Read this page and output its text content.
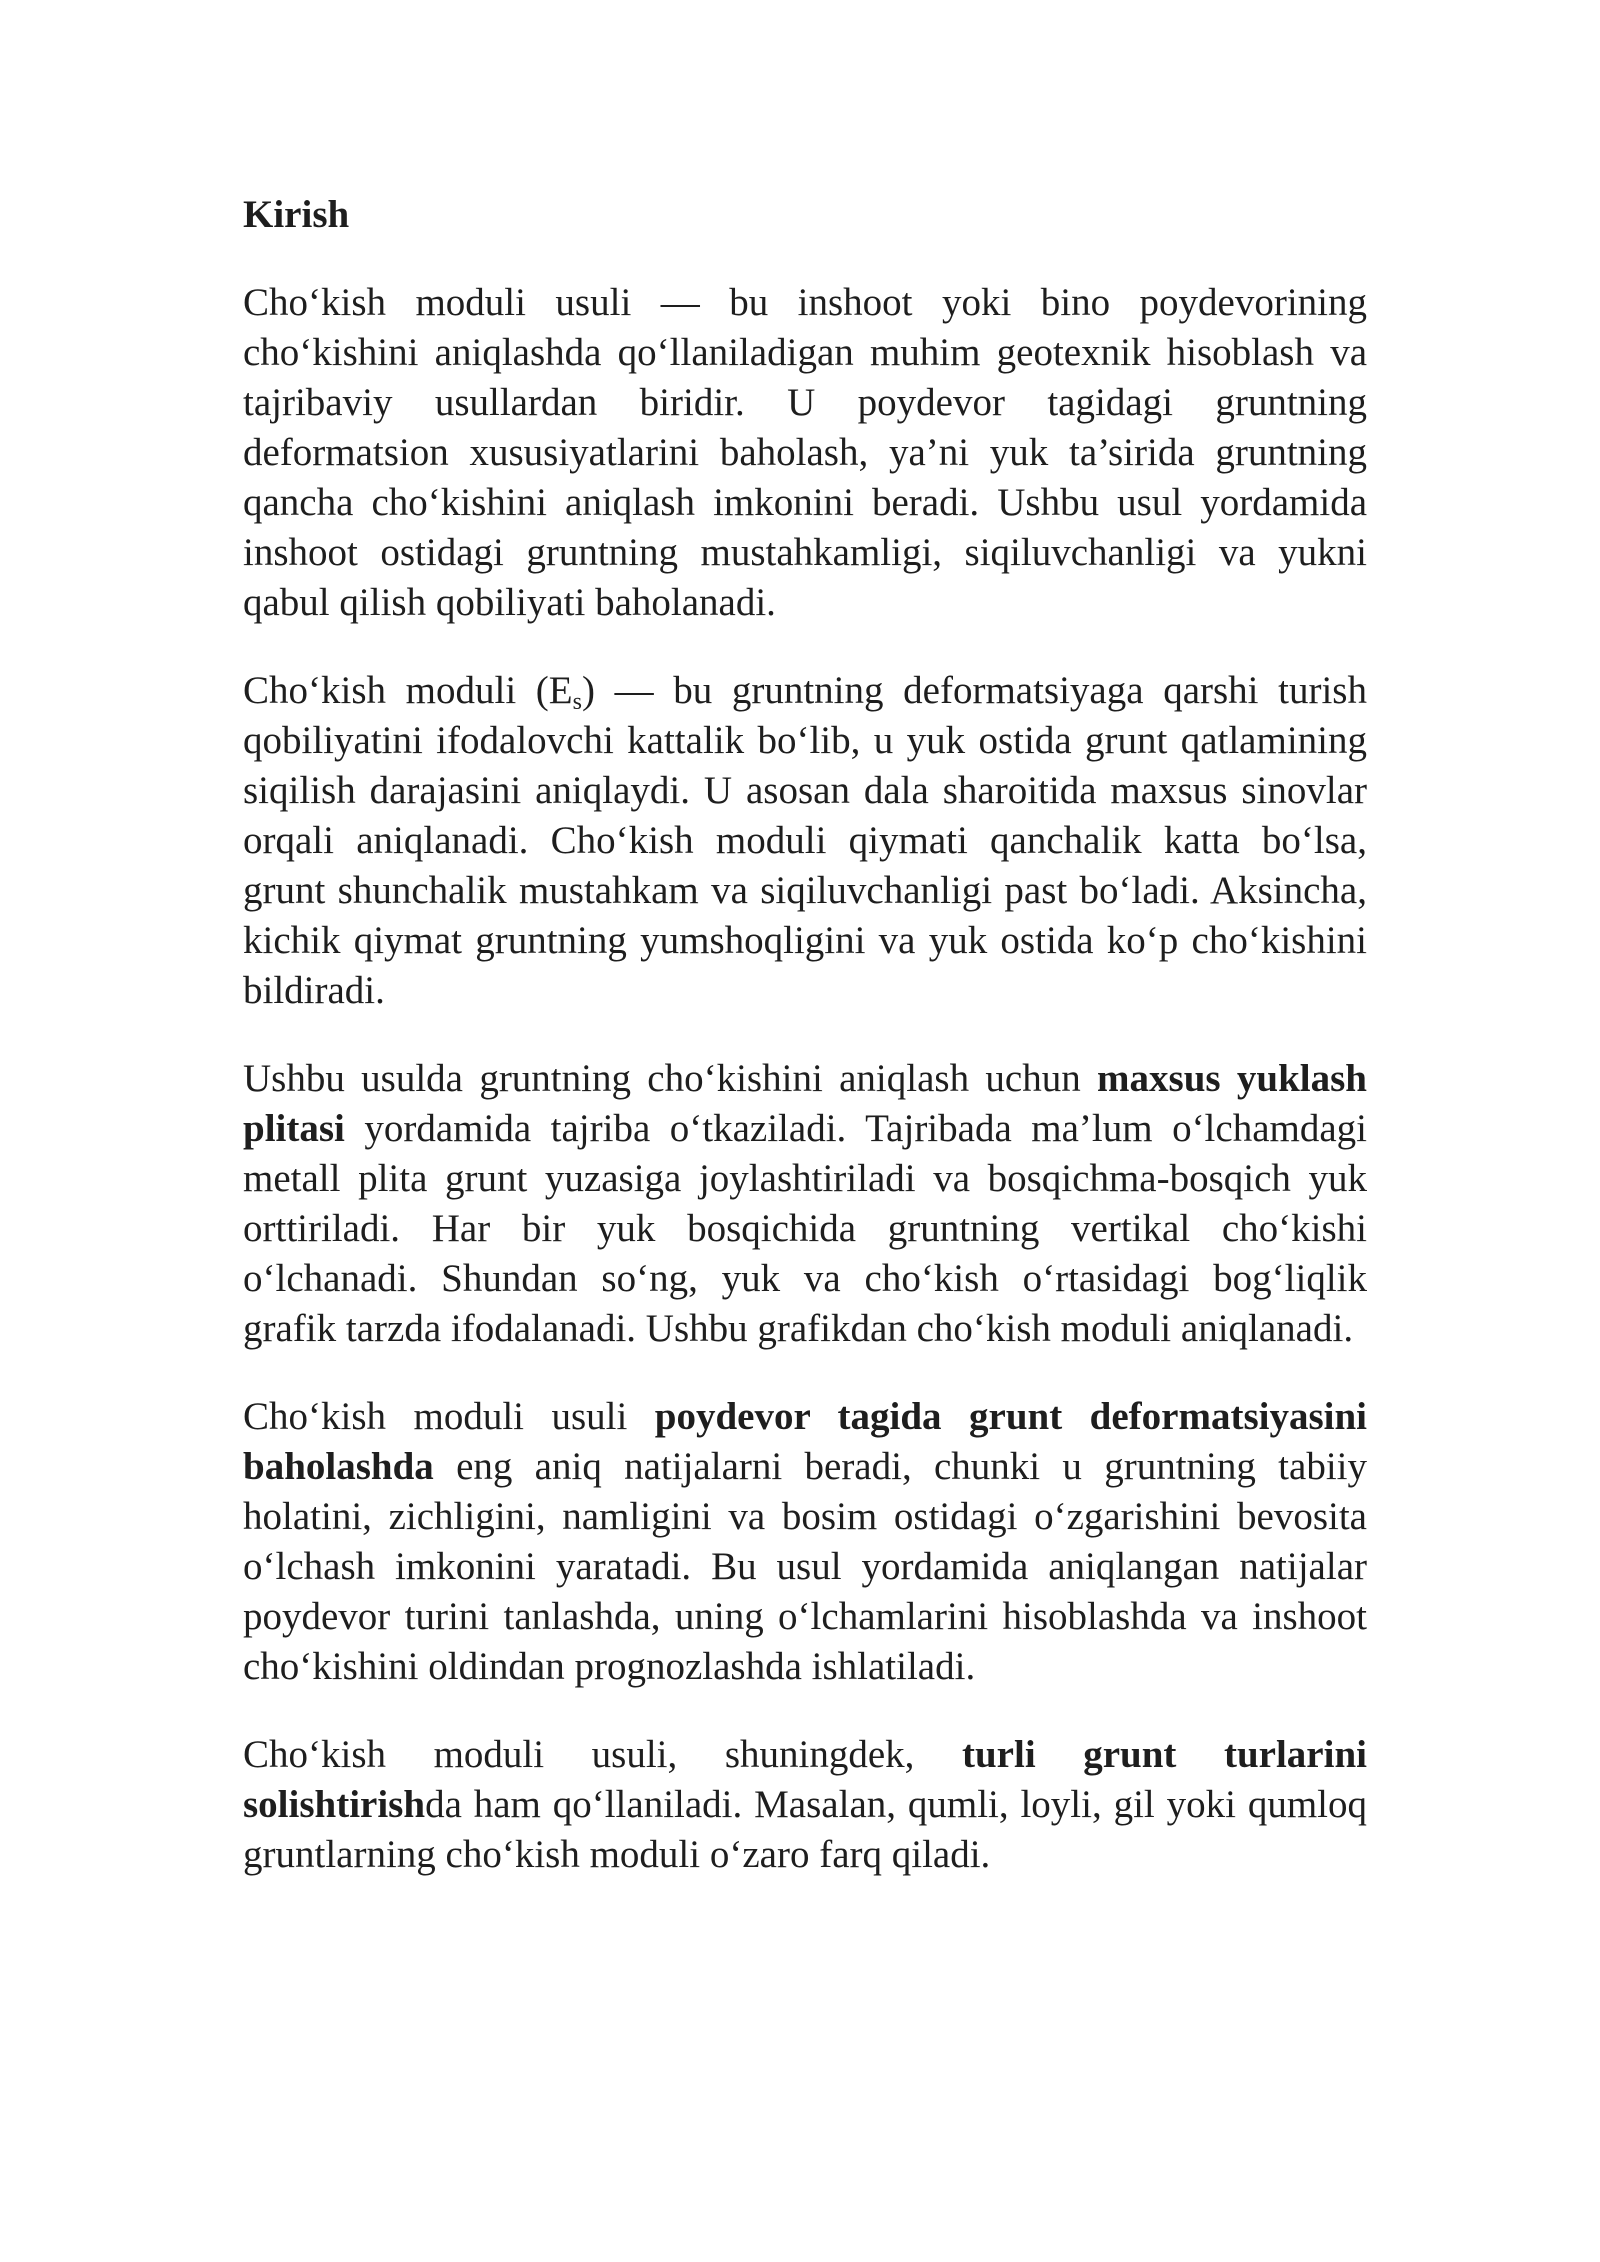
Kirish

Cho‘kish moduli usuli — bu inshoot yoki bino poydevorining cho‘kishini aniqlashda qo‘llaniladigan muhim geotexnik hisoblash va tajribaviy usullardan biridir. U poydevor tagidagi gruntning deformatsion xususiyatlarini baholash, ya’ni yuk ta’sirida gruntning qancha cho‘kishini aniqlash imkonini beradi. Ushbu usul yordamida inshoot ostidagi gruntning mustahkamligi, siqiluvchanligi va yukni qabul qilish qobiliyati baholanadi.

Cho‘kish moduli $(E_s)$ — bu gruntning deformatsiyaga qarshi turish qobiliyatini ifodalovchi kattalik bo‘lib, u yuk ostida grunt qatlamining siqilish darajasini aniqlaydi. U asosan dala sharoitida maxsus sinovlar orqali aniqlanadi. Cho‘kish moduli qiymati qanchalik katta bo‘lsa, grunt shunchalik mustahkam va siqiluvchanligi past bo‘ladi. Aksincha, kichik qiymat gruntning yumshoqligini va yuk ostida ko‘p cho‘kishini bildiradi.

Ushbu usulda gruntning cho‘kishini aniqlash uchun maxsus yuklash plitasi yordamida tajriba o‘tkaziladi. Tajribada ma’lum o‘lchamdagi metall plita grunt yuzasiga joylashtiriladi va bosqichma-bosqich yuk orttiriladi. Har bir yuk bosqichida gruntning vertikal cho‘kishi o‘lchanadi. Shundan so‘ng, yuk va cho‘kish o‘rtasidagi bog‘liqlik grafik tarzda ifodalanadi. Ushbu grafikdan cho‘kish moduli aniqlanadi.

Cho‘kish moduli usuli poydevor tagida grunt deformatsiyasini baholashda eng aniq natijalarni beradi, chunki u gruntning tabiiy holatini, zichligini, namligini va bosim ostidagi o‘zgarishini bevosita o‘lchash imkonini yaratadi. Bu usul yordamida aniqlangan natijalar poydevor turini tanlashda, uning o‘lchamlarini hisoblashda va inshoot cho‘kishini oldindan prognozlashda ishlatiladi.

Cho‘kish moduli usuli, shuningdek, turli grunt turlarini solishtirishda ham qo‘llaniladi. Masalan, qumli, loyli, gil yoki qumloq gruntlarning cho‘kish moduli o‘zaro farq qiladi.
